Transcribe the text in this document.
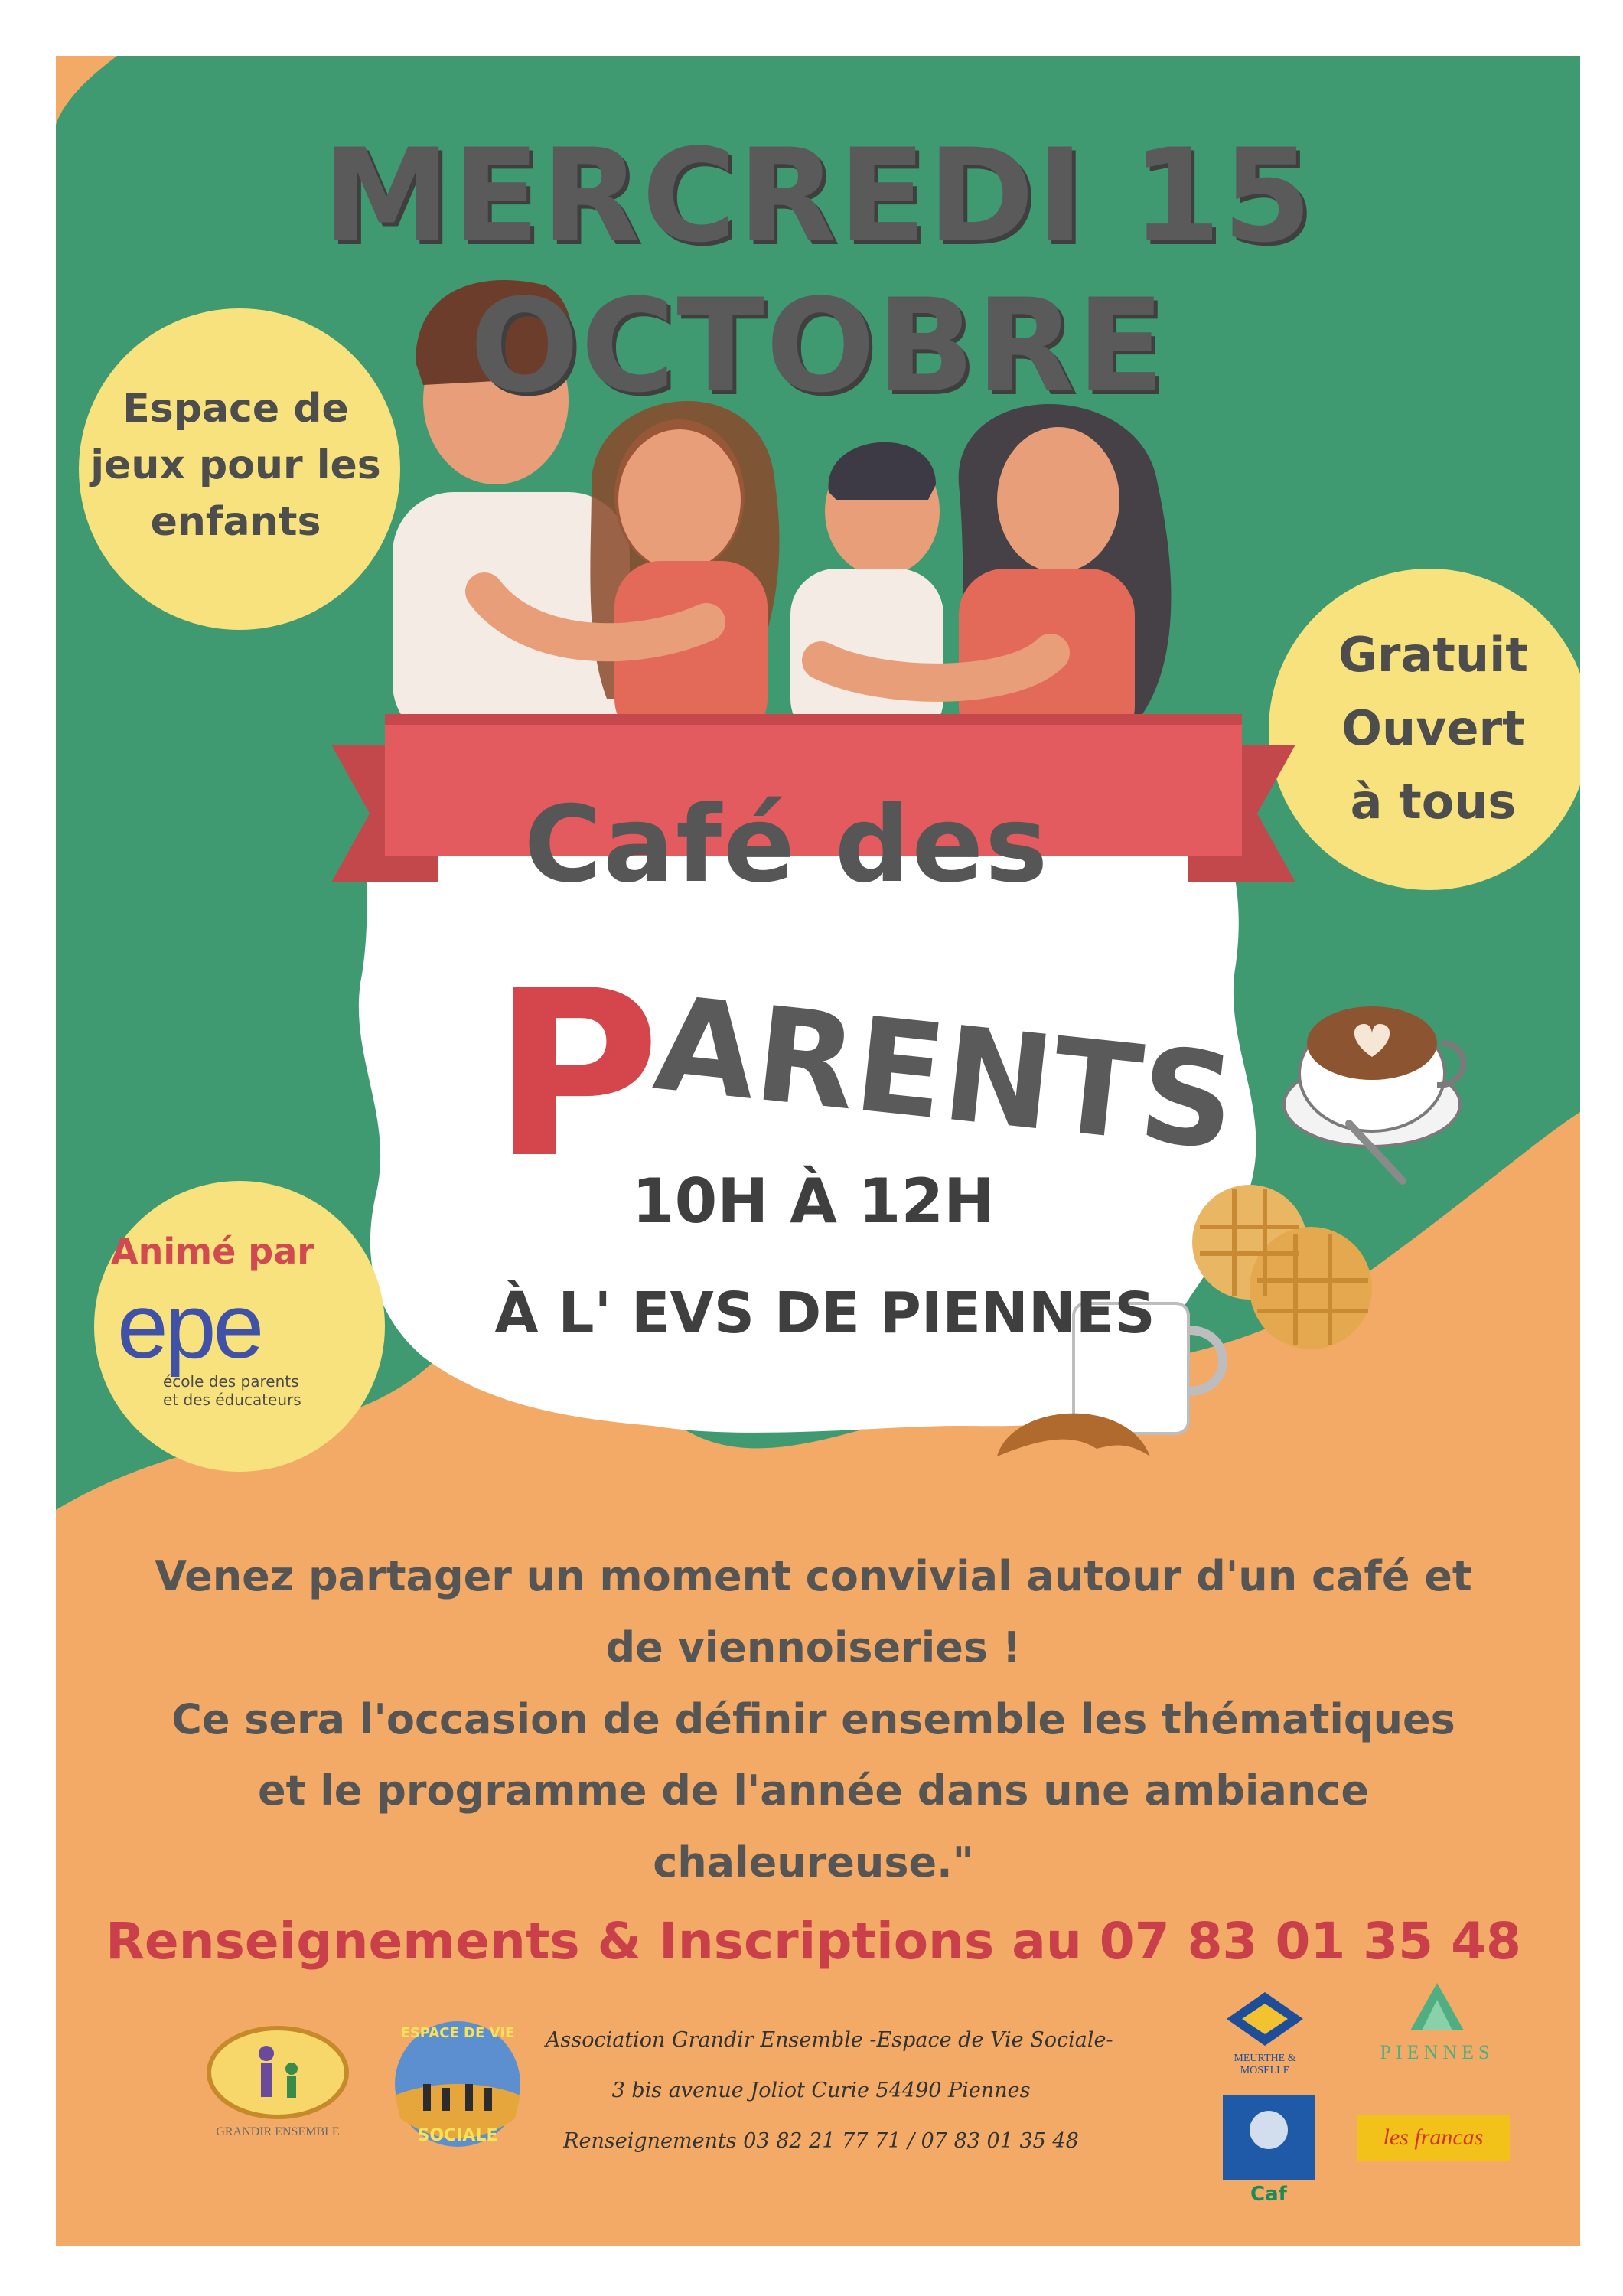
MERCREDI 15 OCTOBRE
Espace de
jeux pour les
enfants
Gratuit
Ouvert
à tous
Animé par
epe
école des parents
et des éducateurs
Café des
P
ARENTS
PARENTS
10H À 12H
À L' EVS DE PIENNES

Venez partager un moment convivial autour d'un café et

de viennoiseries !

Ce sera l'occasion de définir ensemble les thématiques

et le programme de l'année dans une ambiance

chaleureuse."

Renseignements & Inscriptions au 07 83 01 35 48
GRANDIR ENSEMBLE
ESPACE DE VIE
SOCIALE
Association Grandir Ensemble -Espace de Vie Sociale-
3 bis avenue Joliot Curie 54490 Piennes
Renseignements 03 82 21 77 71 / 07 83 01 35 48
MEURTHE & MOSELLE
PIENNES
Caf
les francas
